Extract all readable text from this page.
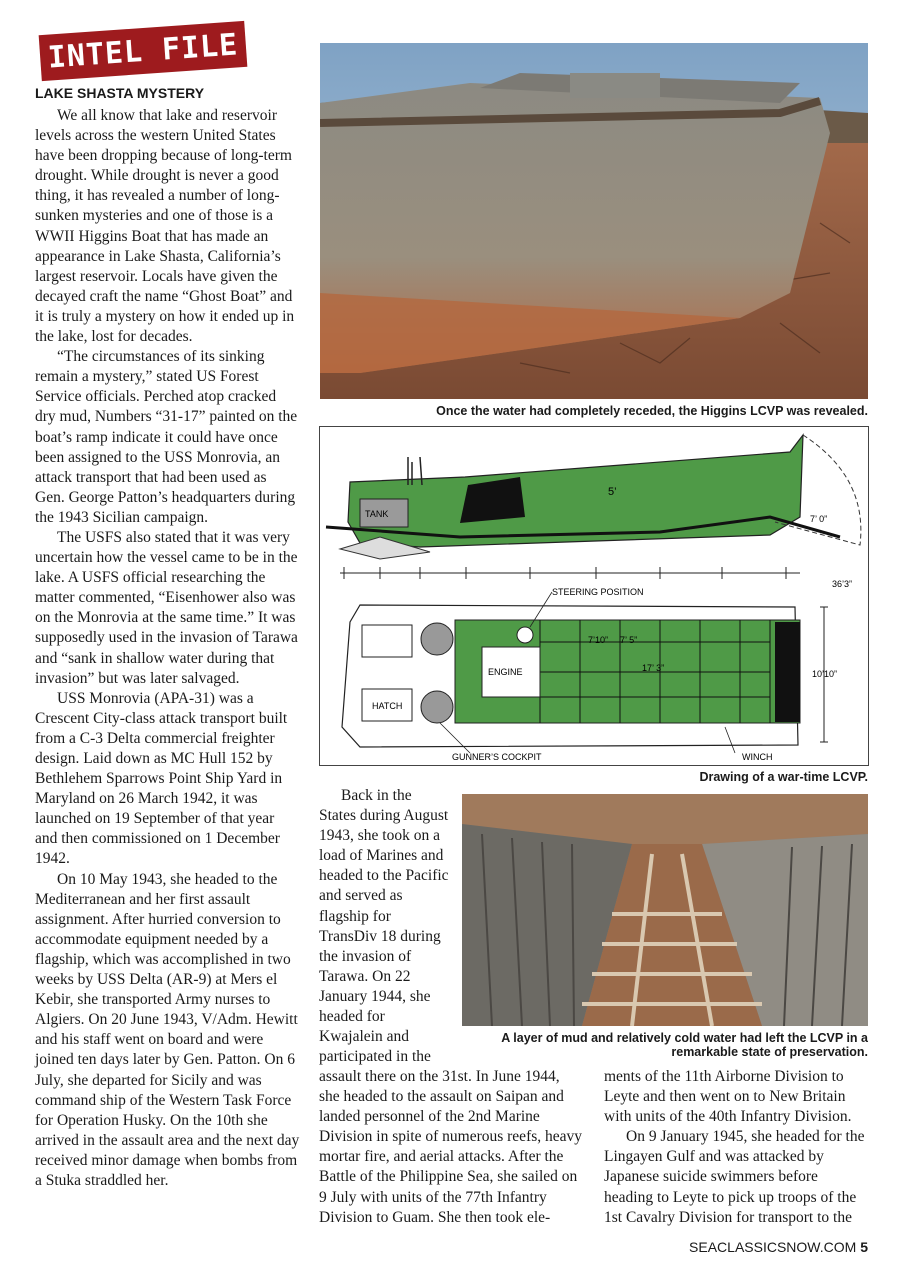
INTEL FILE
LAKE SHASTA MYSTERY

We all know that lake and reservoir levels across the western United States have been dropping because of long-term drought. While drought is never a good thing, it has revealed a number of long-sunken mysteries and one of those is a WWII Higgins Boat that has made an appearance in Lake Shasta, California’s largest reservoir. Locals have given the decayed craft the name “Ghost Boat” and it is truly a mystery on how it ended up in the lake, lost for decades.

“The circumstances of its sinking remain a mystery,” stated US Forest Service officials. Perched atop cracked dry mud, Numbers “31-17” painted on the boat’s ramp indicate it could have once been assigned to the USS Monrovia, an attack transport that had been used as Gen. George Patton’s headquarters during the 1943 Sicilian campaign.

The USFS also stated that it was very uncertain how the vessel came to be in the lake. A USFS official researching the matter commented, “Eisenhower also was on the Monrovia at the same time.” It was supposedly used in the invasion of Tarawa and “sank in shallow water during that invasion” but was later salvaged.

USS Monrovia (APA-31) was a Crescent City-class attack transport built from a C-3 Delta commercial freighter design. Laid down as MC Hull 152 by Bethlehem Sparrows Point Ship Yard in Maryland on 26 March 1942, it was launched on 19 September of that year and then commissioned on 1 December 1942.

On 10 May 1943, she headed to the Mediterranean and her first assault assignment. After hurried conversion to accommodate equipment needed by a flagship, which was accomplished in two weeks by USS Delta (AR-9) at Mers el Kebir, she transported Army nurses to Algiers. On 20 June 1943, V/Adm. Hewitt and his staff went on board and were joined ten days later by Gen. Patton. On 6 July, she departed for Sicily and was command ship of the Western Task Force for Operation Husky. On the 10th she arrived in the assault area and the next day received minor damage when bombs from a Stuka straddled her.

Once the water had completely receded, the Higgins LCVP was revealed.
TANK
5’
7’ 0”
36’3”
STEERING POSITION
ENGINE
HATCH
7’10” 7’ 5”
17’ 3”
10’10”
GUNNER’S COCKPIT	WINCH
Drawing of a war-time LCVP.

Back in the States during August 1943, she took on a load of Marines and headed to the Pacific and served as flagship for TransDiv 18 during the invasion of Tarawa. On 22 January 1944, she headed for Kwajalein and participated in the

A layer of mud and relatively cold water had left the LCVP in a remarkable state of preservation.

assault there on the 31st. In June 1944, she headed to the assault on Saipan and landed personnel of the 2nd Marine Division in spite of numerous reefs, heavy mortar fire, and aerial attacks. After the Battle of the Philippine Sea, she sailed on 9 July with units of the 77th Infantry Division to Guam. She then took ele-

ments of the 11th Airborne Division to Leyte and then went on to New Britain with units of the 40th Infantry Division.

On 9 January 1945, she headed for the Lingayen Gulf and was attacked by Japanese suicide swimmers before heading to Leyte to pick up troops of the 1st Cavalry Division for transport to the

SEACLASSICSNOW.COM 5
